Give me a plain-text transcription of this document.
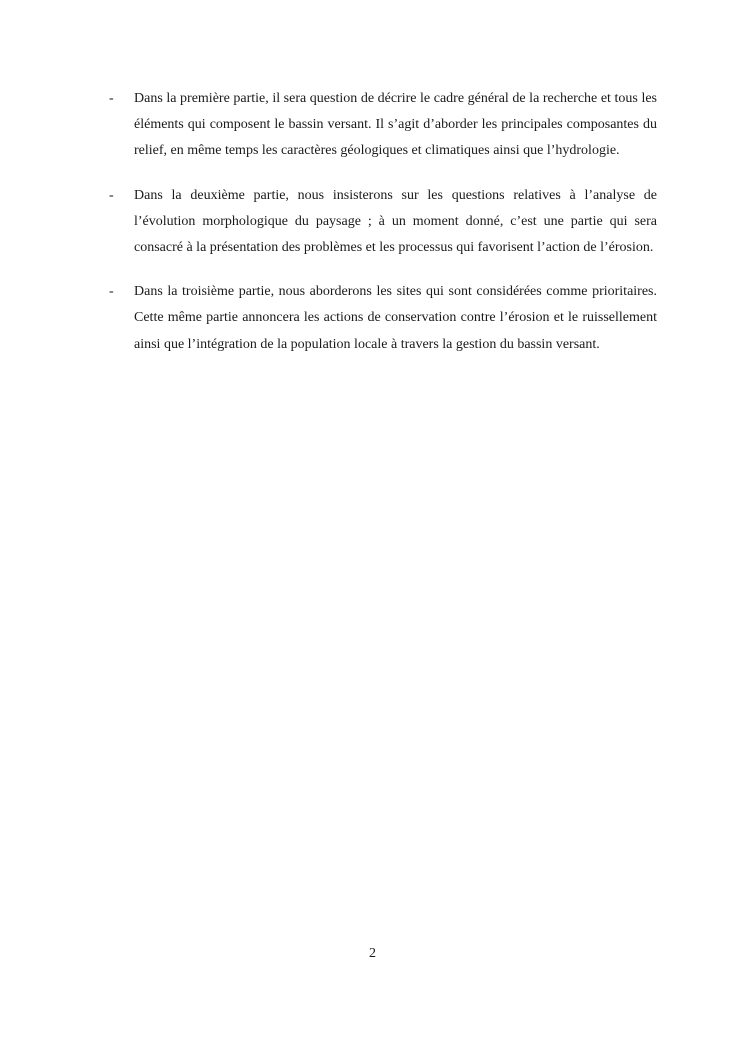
-	Dans la première partie, il sera question de décrire le cadre général de la recherche et tous les éléments qui composent le bassin versant. Il s’agit d’aborder les principales composantes du relief, en même temps les caractères géologiques et climatiques ainsi que l’hydrologie.
-	Dans la deuxième partie, nous insisterons sur les questions relatives à l’analyse de l’évolution morphologique du paysage ; à un moment donné, c’est une partie qui sera consacré à la présentation des problèmes et les processus qui favorisent l’action de l’érosion.
-	Dans la troisième partie, nous aborderons les sites qui sont considérées comme prioritaires. Cette même partie annoncera les actions de conservation contre l’érosion et le ruissellement ainsi que l’intégration de la population locale à travers la gestion du bassin versant.
2
